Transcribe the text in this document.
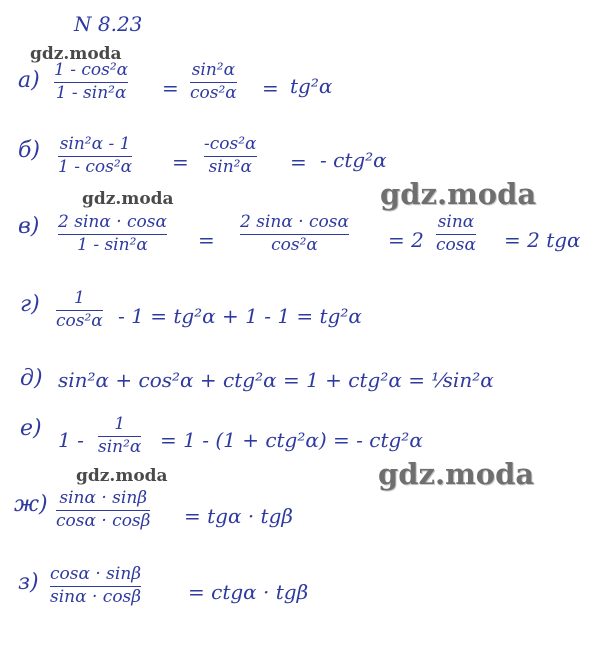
N 8.23
gdz.moda
gdz.moda
gdz.moda
gdz.moda	gdz.moda
а) 1 - cos²α
1 - sin²α =
sin²α
cos²α = tg²α
б) sin²α - 1
1 - cos²α =
-cos²α
sin²α = - ctg²α
в) 2 sinα · cosα
1 - sin²α	=
2 sinα · cosα
cos²α	= 2
sinα
cosα = 2 tgα
г) 1
cos²α - 1 = tg²α + 1 - 1 = tg²α
д) sin²α + cos²α + ctg²α = 1 + ctg²α = ¹⁄sin²α
е) 1 -
1
sin²α = 1 - (1 + ctg²α) = - ctg²α
ж) sinα · sinβ
cosα · cosβ = tgα · tgβ
з) cosα · sinβ
sinα · cosβ = ctgα · tgβ
